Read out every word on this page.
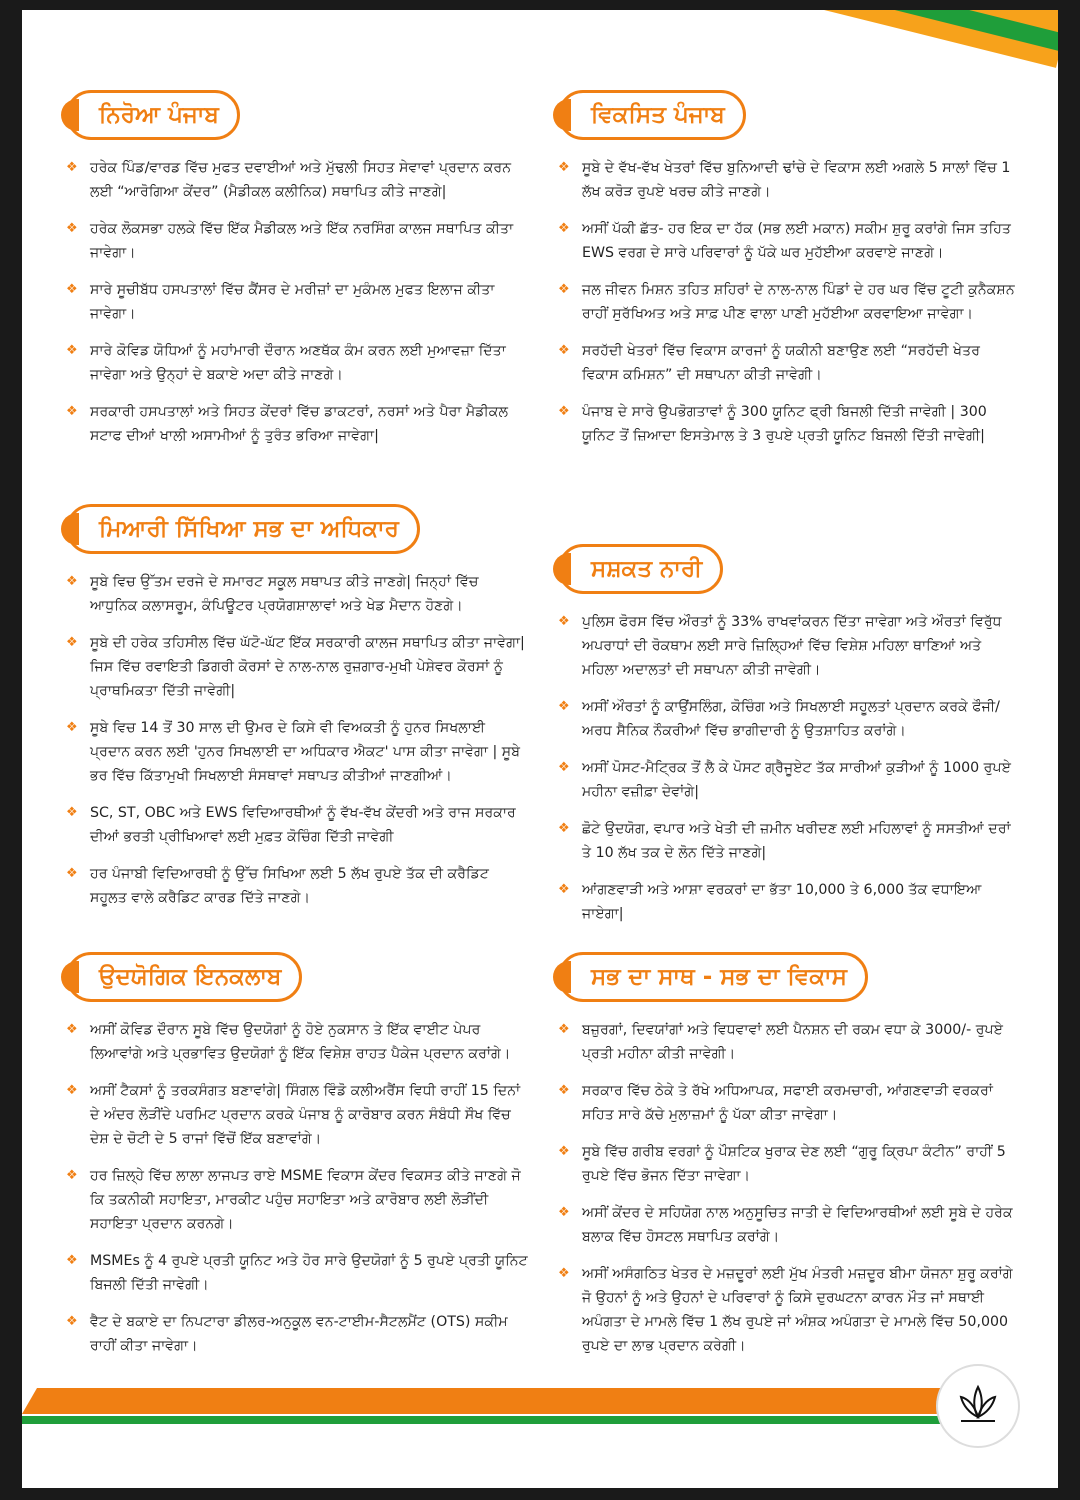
ਨਿਰੋਆ ਪੰਜਾਬ
❖ ਹਰੇਕ ਪਿੰਡ/ਵਾਰਡ ਵਿੱਚ ਮੁਫਤ ਦਵਾਈਆਂ ਅਤੇ ਮੁੱਢਲੀ ਸਿਹਤ ਸੇਵਾਵਾਂ ਪ੍ਰਦਾਨ ਕਰਨ ਲਈ “ਆਰੋਗਿਆ ਕੇਂਦਰ” (ਮੈਡੀਕਲ ਕਲੀਨਿਕ) ਸਥਾਪਿਤ ਕੀਤੇ ਜਾਣਗੇ|
❖ ਹਰੇਕ ਲੋਕਸਭਾ ਹਲਕੇ ਵਿੱਚ ਇੱਕ ਮੈਡੀਕਲ ਅਤੇ ਇੱਕ ਨਰਸਿੰਗ ਕਾਲਜ ਸਥਾਪਿਤ ਕੀਤਾ ਜਾਵੇਗਾ।
❖ ਸਾਰੇ ਸੂਚੀਬੱਧ ਹਸਪਤਾਲਾਂ ਵਿੱਚ ਕੈਂਸਰ ਦੇ ਮਰੀਜ਼ਾਂ ਦਾ ਮੁਕੰਮਲ ਮੁਫਤ ਇਲਾਜ ਕੀਤਾ ਜਾਵੇਗਾ।
❖ ਸਾਰੇ ਕੋਵਿਡ ਯੋਧਿਆਂ ਨੂੰ ਮਹਾਂਮਾਰੀ ਦੌਰਾਨ ਅਣਥੱਕ ਕੰਮ ਕਰਨ ਲਈ ਮੁਆਵਜ਼ਾ ਦਿੱਤਾ ਜਾਵੇਗਾ ਅਤੇ ਉਨ੍ਹਾਂ ਦੇ ਬਕਾਏ ਅਦਾ ਕੀਤੇ ਜਾਣਗੇ।
❖ ਸਰਕਾਰੀ ਹਸਪਤਾਲਾਂ ਅਤੇ ਸਿਹਤ ਕੇਂਦਰਾਂ ਵਿੱਚ ਡਾਕਟਰਾਂ, ਨਰਸਾਂ ਅਤੇ ਪੈਰਾ ਮੈਡੀਕਲ ਸਟਾਫ ਦੀਆਂ ਖਾਲੀ ਅਸਾਮੀਆਂ ਨੂੰ ਤੁਰੰਤ ਭਰਿਆ ਜਾਵੇਗਾ|
ਮਿਆਰੀ ਸਿੱਖਿਆ ਸਭ ਦਾ ਅਧਿਕਾਰ
❖ ਸੂਬੇ ਵਿਚ ਉੱਤਮ ਦਰਜੇ ਦੇ ਸਮਾਰਟ ਸਕੂਲ ਸਥਾਪਤ ਕੀਤੇ ਜਾਣਗੇ| ਜਿਨ੍ਹਾਂ ਵਿੱਚ ਆਧੁਨਿਕ ਕਲਾਸਰੂਮ, ਕੰਪਿਊਟਰ ਪ੍ਰਯੋਗਸ਼ਾਲਾਵਾਂ ਅਤੇ ਖੇਡ ਮੈਦਾਨ ਹੋਣਗੇ।
❖ ਸੂਬੇ ਦੀ ਹਰੇਕ ਤਹਿਸੀਲ ਵਿੱਚ ਘੱਟੋ-ਘੱਟ ਇੱਕ ਸਰਕਾਰੀ ਕਾਲਜ ਸਥਾਪਿਤ ਕੀਤਾ ਜਾਵੇਗਾ| ਜਿਸ ਵਿੱਚ ਰਵਾਇਤੀ ਡਿਗਰੀ ਕੋਰਸਾਂ ਦੇ ਨਾਲ-ਨਾਲ ਰੁਜ਼ਗਾਰ-ਮੁਖੀ ਪੇਸ਼ੇਵਰ ਕੋਰਸਾਂ ਨੂੰ ਪ੍ਰਾਥਮਿਕਤਾ ਦਿੱਤੀ ਜਾਵੇਗੀ|
❖ ਸੂਬੇ ਵਿਚ 14 ਤੋਂ 30 ਸਾਲ ਦੀ ਉਮਰ ਦੇ ਕਿਸੇ ਵੀ ਵਿਅਕਤੀ ਨੂੰ ਹੁਨਰ ਸਿਖਲਾਈ ਪ੍ਰਦਾਨ ਕਰਨ ਲਈ 'ਹੁਨਰ ਸਿਖਲਾਈ ਦਾ ਅਧਿਕਾਰ ਐਕਟ' ਪਾਸ ਕੀਤਾ ਜਾਵੇਗਾ | ਸੂਬੇ ਭਰ ਵਿੱਚ ਕਿੱਤਾਮੁਖੀ ਸਿਖਲਾਈ ਸੰਸਥਾਵਾਂ ਸਥਾਪਤ ਕੀਤੀਆਂ ਜਾਣਗੀਆਂ।
❖ SC, ST, OBC ਅਤੇ EWS ਵਿਦਿਆਰਥੀਆਂ ਨੂੰ ਵੱਖ-ਵੱਖ ਕੇਂਦਰੀ ਅਤੇ ਰਾਜ ਸਰਕਾਰ ਦੀਆਂ ਭਰਤੀ ਪ੍ਰੀਖਿਆਵਾਂ ਲਈ ਮੁਫ਼ਤ ਕੋਚਿੰਗ ਦਿੱਤੀ ਜਾਵੇਗੀ
❖ ਹਰ ਪੰਜਾਬੀ ਵਿਦਿਆਰਥੀ ਨੂੰ ਉੱਚ ਸਿਖਿਆ ਲਈ 5 ਲੱਖ ਰੁਪਏ ਤੱਕ ਦੀ ਕਰੈਡਿਟ ਸਹੂਲਤ ਵਾਲੇ ਕਰੈਡਿਟ ਕਾਰਡ ਦਿੱਤੇ ਜਾਣਗੇ।
ਉਦਯੋਗਿਕ ਇਨਕਲਾਬ
❖ ਅਸੀਂ ਕੋਵਿਡ ਦੌਰਾਨ ਸੂਬੇ ਵਿੱਚ ਉਦਯੋਗਾਂ ਨੂੰ ਹੋਏ ਨੁਕਸਾਨ ਤੇ ਇੱਕ ਵਾਈਟ ਪੇਪਰ ਲਿਆਵਾਂਗੇ ਅਤੇ ਪ੍ਰਭਾਵਿਤ ਉਦਯੋਗਾਂ ਨੂੰ ਇੱਕ ਵਿਸ਼ੇਸ਼ ਰਾਹਤ ਪੈਕੇਜ ਪ੍ਰਦਾਨ ਕਰਾਂਗੇ।
❖ ਅਸੀਂ ਟੈਕਸਾਂ ਨੂੰ ਤਰਕਸੰਗਤ ਬਣਾਵਾਂਗੇ| ਸਿੰਗਲ ਵਿੰਡੋ ਕਲੀਅਰੈਂਸ ਵਿਧੀ ਰਾਹੀਂ 15 ਦਿਨਾਂ ਦੇ ਅੰਦਰ ਲੋੜੀਂਦੇ ਪਰਮਿਟ ਪ੍ਰਦਾਨ ਕਰਕੇ ਪੰਜਾਬ ਨੂੰ ਕਾਰੋਬਾਰ ਕਰਨ ਸੰਬੰਧੀ ਸੌਖ ਵਿੱਚ ਦੇਸ਼ ਦੇ ਚੋਟੀ ਦੇ 5 ਰਾਜਾਂ ਵਿੱਚੋਂ ਇੱਕ ਬਣਾਵਾਂਗੇ।
❖ ਹਰ ਜ਼ਿਲ੍ਹੇ ਵਿੱਚ ਲਾਲਾ ਲਾਜਪਤ ਰਾਏ MSME ਵਿਕਾਸ ਕੇਂਦਰ ਵਿਕਸਤ ਕੀਤੇ ਜਾਣਗੇ ਜੋ ਕਿ ਤਕਨੀਕੀ ਸਹਾਇਤਾ, ਮਾਰਕੀਟ ਪਹੁੰਚ ਸਹਾਇਤਾ ਅਤੇ ਕਾਰੋਬਾਰ ਲਈ ਲੋੜੀਂਦੀ ਸਹਾਇਤਾ ਪ੍ਰਦਾਨ ਕਰਨਗੇ।
❖ MSMEs ਨੂੰ 4 ਰੁਪਏ ਪ੍ਰਤੀ ਯੂਨਿਟ ਅਤੇ ਹੋਰ ਸਾਰੇ ਉਦਯੋਗਾਂ ਨੂੰ 5 ਰੁਪਏ ਪ੍ਰਤੀ ਯੂਨਿਟ ਬਿਜਲੀ ਦਿੱਤੀ ਜਾਵੇਗੀ।
❖ ਵੈਟ ਦੇ ਬਕਾਏ ਦਾ ਨਿਪਟਾਰਾ ਡੀਲਰ-ਅਨੁਕੂਲ ਵਨ-ਟਾਈਮ-ਸੈਟਲਮੈਂਟ (OTS) ਸਕੀਮ ਰਾਹੀਂ ਕੀਤਾ ਜਾਵੇਗਾ।
ਵਿਕਸਿਤ ਪੰਜਾਬ
❖ ਸੂਬੇ ਦੇ ਵੱਖ-ਵੱਖ ਖੇਤਰਾਂ ਵਿੱਚ ਬੁਨਿਆਦੀ ਢਾਂਚੇ ਦੇ ਵਿਕਾਸ ਲਈ ਅਗਲੇ 5 ਸਾਲਾਂ ਵਿੱਚ 1 ਲੱਖ ਕਰੋੜ ਰੁਪਏ ਖਰਚ ਕੀਤੇ ਜਾਣਗੇ।
❖ ਅਸੀਂ ਪੱਕੀ ਛੱਤ- ਹਰ ਇਕ ਦਾ ਹੱਕ (ਸਭ ਲਈ ਮਕਾਨ) ਸਕੀਮ ਸ਼ੁਰੂ ਕਰਾਂਗੇ ਜਿਸ ਤਹਿਤ EWS ਵਰਗ ਦੇ ਸਾਰੇ ਪਰਿਵਾਰਾਂ ਨੂੰ ਪੱਕੇ ਘਰ ਮੁਹੱਈਆ ਕਰਵਾਏ ਜਾਣਗੇ।
❖ ਜਲ ਜੀਵਨ ਮਿਸ਼ਨ ਤਹਿਤ ਸ਼ਹਿਰਾਂ ਦੇ ਨਾਲ-ਨਾਲ ਪਿੰਡਾਂ ਦੇ ਹਰ ਘਰ ਵਿੱਚ ਟੂਟੀ ਕੁਨੈਕਸ਼ਨ ਰਾਹੀਂ ਸੁਰੱਖਿਅਤ ਅਤੇ ਸਾਫ਼ ਪੀਣ ਵਾਲਾ ਪਾਣੀ ਮੁਹੱਈਆ ਕਰਵਾਇਆ ਜਾਵੇਗਾ।
❖ ਸਰਹੱਦੀ ਖੇਤਰਾਂ ਵਿੱਚ ਵਿਕਾਸ ਕਾਰਜਾਂ ਨੂੰ ਯਕੀਨੀ ਬਣਾਉਣ ਲਈ “ਸਰਹੱਦੀ ਖੇਤਰ ਵਿਕਾਸ ਕਮਿਸ਼ਨ” ਦੀ ਸਥਾਪਨਾ ਕੀਤੀ ਜਾਵੇਗੀ।
❖ ਪੰਜਾਬ ਦੇ ਸਾਰੇ ਉਪਭੋਗਤਾਵਾਂ ਨੂੰ 300 ਯੂਨਿਟ ਫ੍ਰੀ ਬਿਜਲੀ ਦਿੱਤੀ ਜਾਵੇਗੀ | 300 ਯੂਨਿਟ ਤੋਂ ਜ਼ਿਆਦਾ ਇਸਤੇਮਾਲ ਤੇ 3 ਰੁਪਏ ਪ੍ਰਤੀ ਯੂਨਿਟ ਬਿਜਲੀ ਦਿੱਤੀ ਜਾਵੇਗੀ|
ਸਸ਼ਕਤ ਨਾਰੀ
❖ ਪੁਲਿਸ ਫੋਰਸ ਵਿੱਚ ਔਰਤਾਂ ਨੂੰ 33% ਰਾਖਵਾਂਕਰਨ ਦਿੱਤਾ ਜਾਵੇਗਾ ਅਤੇ ਔਰਤਾਂ ਵਿਰੁੱਧ ਅਪਰਾਧਾਂ ਦੀ ਰੋਕਥਾਮ ਲਈ ਸਾਰੇ ਜ਼ਿਲ੍ਹਿਆਂ ਵਿੱਚ ਵਿਸ਼ੇਸ਼ ਮਹਿਲਾ ਥਾਣਿਆਂ ਅਤੇ ਮਹਿਲਾ ਅਦਾਲਤਾਂ ਦੀ ਸਥਾਪਨਾ ਕੀਤੀ ਜਾਵੇਗੀ।
❖ ਅਸੀਂ ਔਰਤਾਂ ਨੂੰ ਕਾਉਂਸਲਿੰਗ, ਕੋਚਿੰਗ ਅਤੇ ਸਿਖਲਾਈ ਸਹੂਲਤਾਂ ਪ੍ਰਦਾਨ ਕਰਕੇ ਫੌਜੀ/ਅਰਧ ਸੈਨਿਕ ਨੌਕਰੀਆਂ ਵਿੱਚ ਭਾਗੀਦਾਰੀ ਨੂੰ ਉਤਸ਼ਾਹਿਤ ਕਰਾਂਗੇ।
❖ ਅਸੀਂ ਪੋਸਟ-ਮੈਟ੍ਰਿਕ ਤੋਂ ਲੈ ਕੇ ਪੋਸਟ ਗ੍ਰੈਜੂਏਟ ਤੱਕ ਸਾਰੀਆਂ ਕੁੜੀਆਂ ਨੂੰ 1000 ਰੁਪਏ ਮਹੀਨਾ ਵਜ਼ੀਫ਼ਾ ਦੇਵਾਂਗੇ|
❖ ਛੋਟੇ ਉਦਯੋਗ, ਵਪਾਰ ਅਤੇ ਖੇਤੀ ਦੀ ਜ਼ਮੀਨ ਖਰੀਦਣ ਲਈ ਮਹਿਲਾਵਾਂ ਨੂੰ ਸਸਤੀਆਂ ਦਰਾਂ ਤੇ 10 ਲੱਖ ਤਕ ਦੇ ਲੋਨ ਦਿੱਤੇ ਜਾਣਗੇ|
❖ ਆਂਗਣਵਾੜੀ ਅਤੇ ਆਸ਼ਾ ਵਰਕਰਾਂ ਦਾ ਭੱਤਾ 10,000 ਤੇ 6,000 ਤੱਕ ਵਧਾਇਆ ਜਾਏਗਾ|
ਸਭ ਦਾ ਸਾਥ - ਸਭ ਦਾ ਵਿਕਾਸ
❖ ਬਜ਼ੁਰਗਾਂ, ਦਿਵਯਾਂਗਾਂ ਅਤੇ ਵਿਧਵਾਵਾਂ ਲਈ ਪੈਨਸ਼ਨ ਦੀ ਰਕਮ ਵਧਾ ਕੇ 3000/- ਰੁਪਏ ਪ੍ਰਤੀ ਮਹੀਨਾ ਕੀਤੀ ਜਾਵੇਗੀ।
❖ ਸਰਕਾਰ ਵਿੱਚ ਠੇਕੇ ਤੇ ਰੱਖੇ ਅਧਿਆਪਕ, ਸਫਾਈ ਕਰਮਚਾਰੀ, ਆਂਗਣਵਾੜੀ ਵਰਕਰਾਂ ਸਹਿਤ ਸਾਰੇ ਕੱਚੇ ਮੁਲਾਜ਼ਮਾਂ ਨੂੰ ਪੱਕਾ ਕੀਤਾ ਜਾਵੇਗਾ।
❖ ਸੂਬੇ ਵਿੱਚ ਗਰੀਬ ਵਰਗਾਂ ਨੂੰ ਪੌਸ਼ਟਿਕ ਖੁਰਾਕ ਦੇਣ ਲਈ “ਗੁਰੂ ਕ੍ਰਿਪਾ ਕੰਟੀਨ” ਰਾਹੀਂ 5 ਰੁਪਏ ਵਿੱਚ ਭੋਜਨ ਦਿੱਤਾ ਜਾਵੇਗਾ।
❖ ਅਸੀਂ ਕੇਂਦਰ ਦੇ ਸਹਿਯੋਗ ਨਾਲ ਅਨੁਸੂਚਿਤ ਜਾਤੀ ਦੇ ਵਿਦਿਆਰਥੀਆਂ ਲਈ ਸੂਬੇ ਦੇ ਹਰੇਕ ਬਲਾਕ ਵਿੱਚ ਹੋਸਟਲ ਸਥਾਪਿਤ ਕਰਾਂਗੇ।
❖ ਅਸੀਂ ਅਸੰਗਠਿਤ ਖੇਤਰ ਦੇ ਮਜ਼ਦੂਰਾਂ ਲਈ ਮੁੱਖ ਮੰਤਰੀ ਮਜ਼ਦੂਰ ਬੀਮਾ ਯੋਜਨਾ ਸ਼ੁਰੂ ਕਰਾਂਗੇ ਜੋ ਉਹਨਾਂ ਨੂੰ ਅਤੇ ਉਹਨਾਂ ਦੇ ਪਰਿਵਾਰਾਂ ਨੂੰ ਕਿਸੇ ਦੁਰਘਟਨਾ ਕਾਰਨ ਮੌਤ ਜਾਂ ਸਥਾਈ ਅਪੰਗਤਾ ਦੇ ਮਾਮਲੇ ਵਿੱਚ 1 ਲੱਖ ਰੁਪਏ ਜਾਂ ਅੰਸ਼ਕ ਅਪੰਗਤਾ ਦੇ ਮਾਮਲੇ ਵਿੱਚ 50,000 ਰੁਪਏ ਦਾ ਲਾਭ ਪ੍ਰਦਾਨ ਕਰੇਗੀ।
